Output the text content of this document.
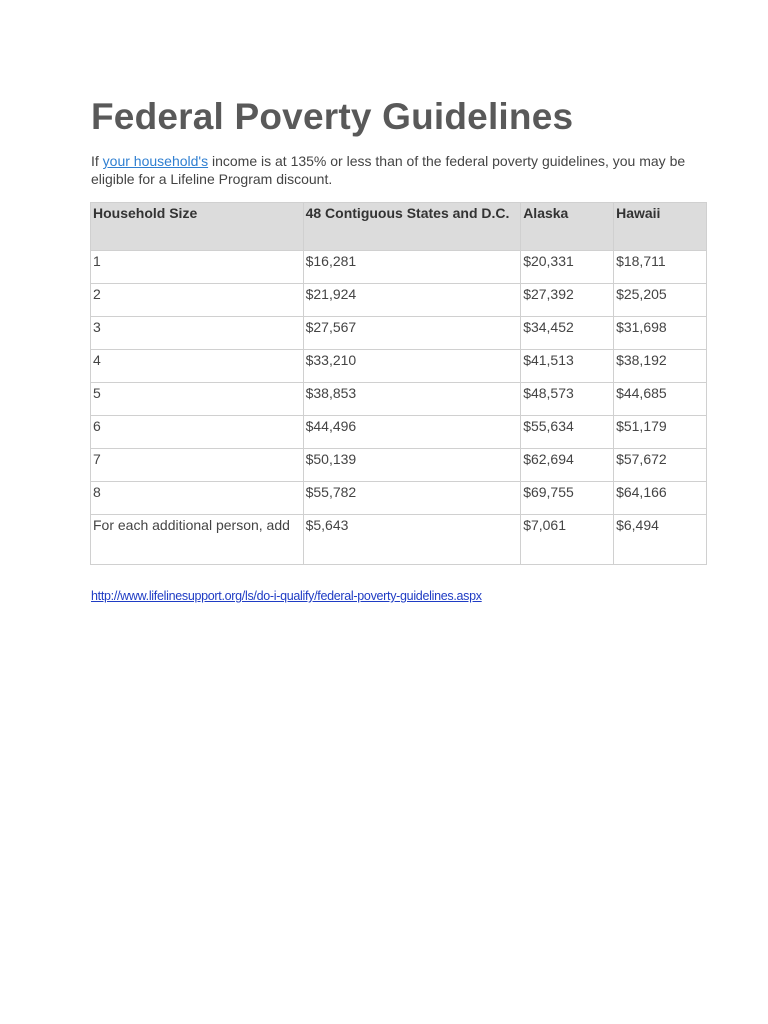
Federal Poverty Guidelines

If your household's income is at 135% or less than of the federal poverty guidelines, you may be eligible for a Lifeline Program discount.

Household Size	48 Contiguous States and D.C.	Alaska	Hawaii
1	$16,281	$20,331	$18,711
2	$21,924	$27,392	$25,205
3	$27,567	$34,452	$31,698
4	$33,210	$41,513	$38,192
5	$38,853	$48,573	$44,685
6	$44,496	$55,634	$51,179
7	$50,139	$62,694	$57,672
8	$55,782	$69,755	$64,166
For each additional person, add	$5,643	$7,061	$6,494
http://www.lifelinesupport.org/ls/do-i-qualify/federal-poverty-guidelines.aspx
